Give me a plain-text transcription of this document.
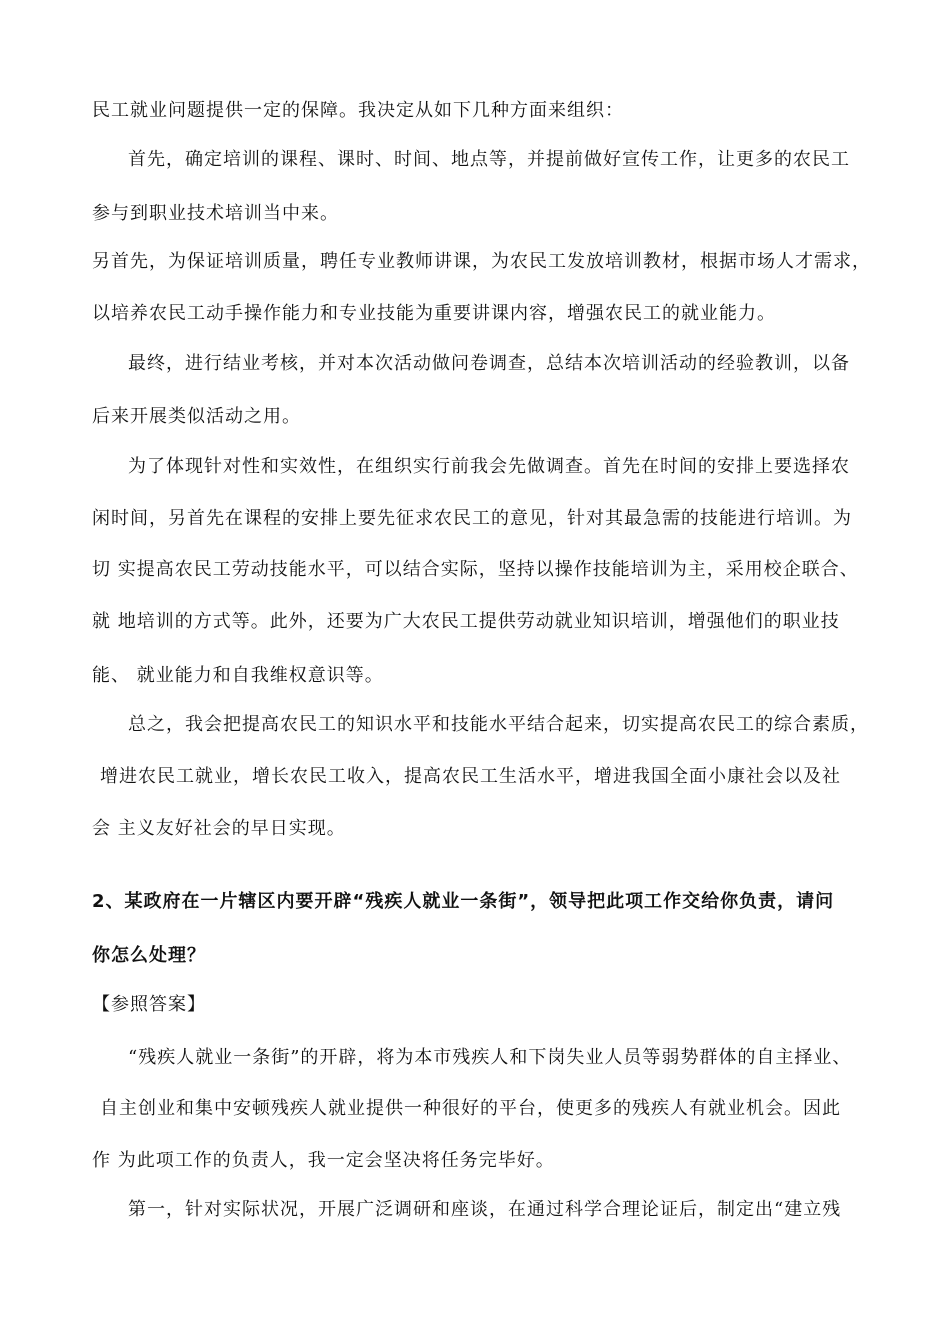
民工就业问题提供一定的保障。我决定从如下几种方面来组织：
首先，确定培训的课程、课时、时间、地点等，并提前做好宣传工作，让更多的农民工
参与到职业技术培训当中来。
另首先，为保证培训质量，聘任专业教师讲课，为农民工发放培训教材，根据市场人才需求，
以培养农民工动手操作能力和专业技能为重要讲课内容，增强农民工的就业能力。
最终，进行结业考核，并对本次活动做问卷调查，总结本次培训活动的经验教训，以备
后来开展类似活动之用。
为了体现针对性和实效性，在组织实行前我会先做调查。首先在时间的安排上要选择农
闲时间，另首先在课程的安排上要先征求农民工的意见，针对其最急需的技能进行培训。为
切 实提高农民工劳动技能水平，可以结合实际，坚持以操作技能培训为主，采用校企联合、
就 地培训的方式等。此外，还要为广大农民工提供劳动就业知识培训，增强他们的职业技
能、 就业能力和自我维权意识等。
总之，我会把提高农民工的知识水平和技能水平结合起来，切实提高农民工的综合素质，
增进农民工就业，增长农民工收入，提高农民工生活水平，增进我国全面小康社会以及社
会 主义友好社会的早日实现。
2、某政府在一片辖区内要开辟“残疾人就业一条街”，领导把此项工作交给你负责，请问
你怎么处理？
【参照答案】
“残疾人就业一条街”的开辟，将为本市残疾人和下岗失业人员等弱势群体的自主择业、
自主创业和集中安顿残疾人就业提供一种很好的平台，使更多的残疾人有就业机会。因此
作 为此项工作的负责人，我一定会坚决将任务完毕好。
第一，针对实际状况，开展广泛调研和座谈，在通过科学合理论证后，制定出“建立残
